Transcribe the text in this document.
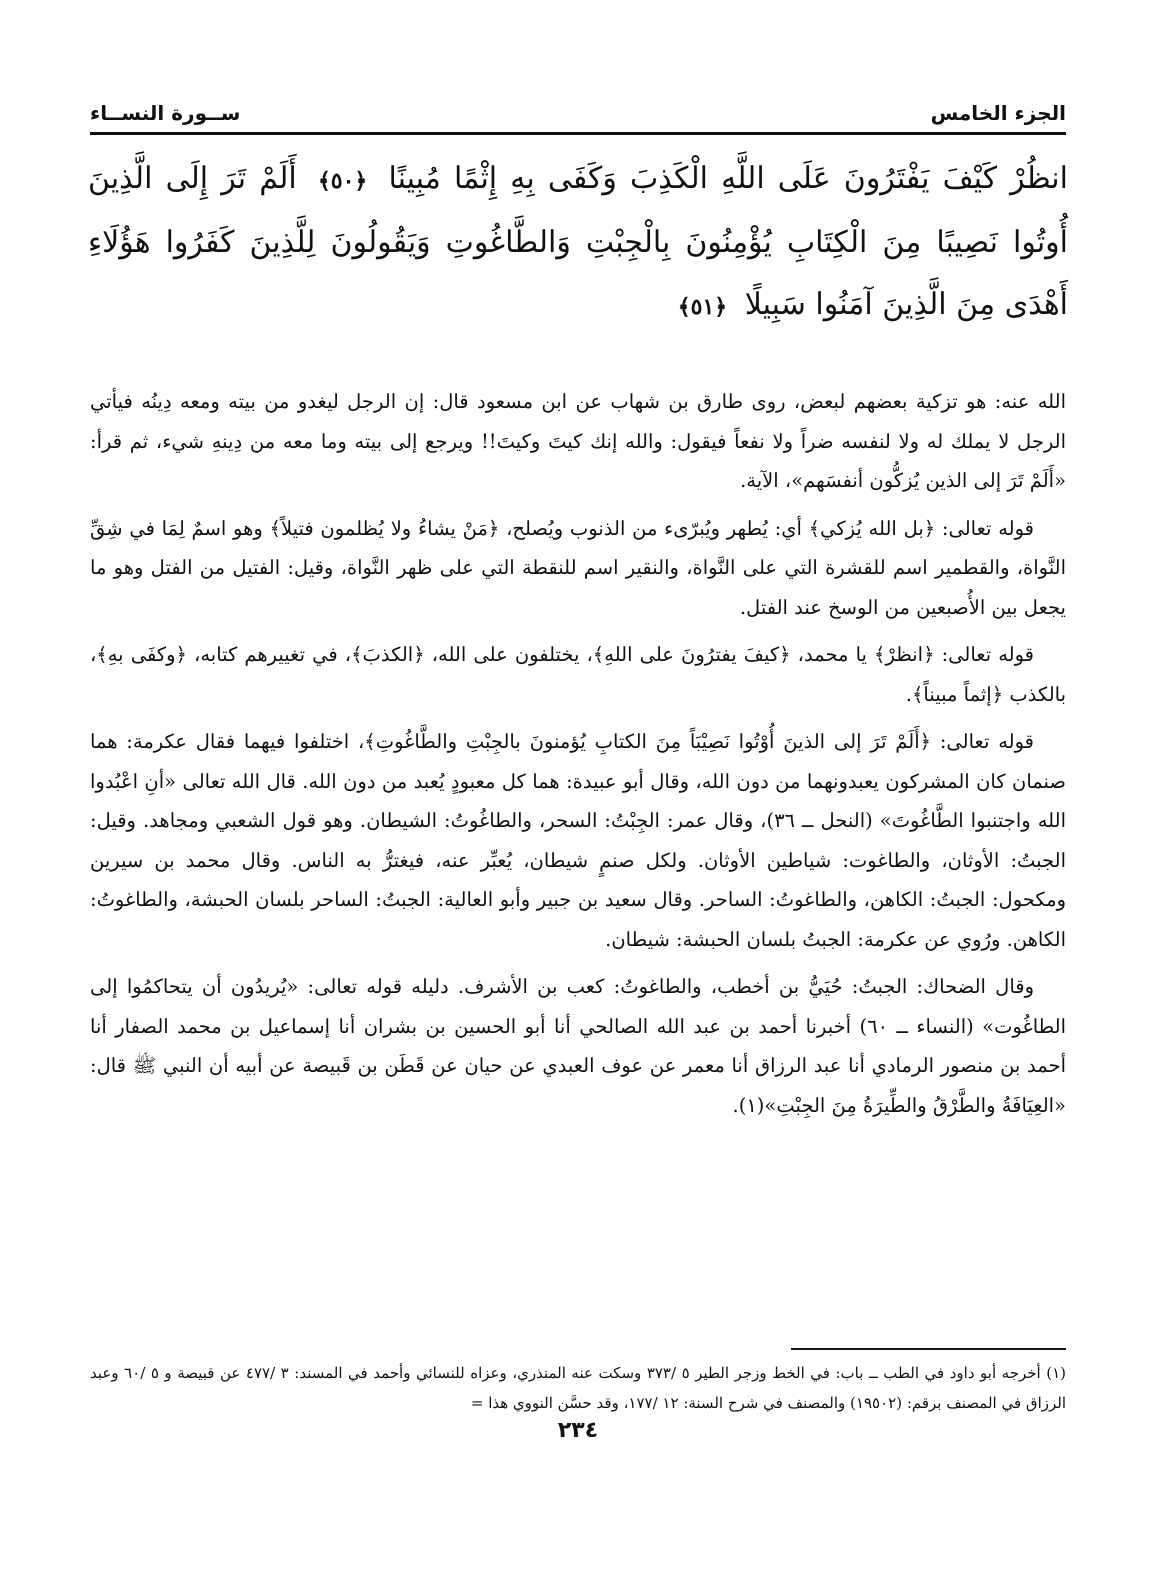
الجزء الخامس
ســورة النســاء
انظُرْ كَيْفَ يَفْتَرُونَ عَلَى اللَّهِ الْكَذِبَ وَكَفَى بِهِ إِثْمًا مُبِينًا ﴿٥٠﴾ أَلَمْ تَرَ إِلَى الَّذِينَ أُوتُوا نَصِيبًا مِنَ الْكِتَابِ يُؤْمِنُونَ بِالْجِبْتِ وَالطَّاغُوتِ وَيَقُولُونَ لِلَّذِينَ كَفَرُوا هَؤُلَاءِ أَهْدَى مِنَ الَّذِينَ آمَنُوا سَبِيلًا ﴿٥١﴾

الله عنه: هو تزكية بعضهم لبعض، روى طارق بن شهاب عن ابن مسعود قال: إن الرجل ليغدو من بيته ومعه دِينُه فيأتي الرجل لا يملك له ولا لنفسه ضراً ولا نفعاً فيقول: والله إنك كيتَ وكيتَ!! ويرجع إلى بيته وما معه من دِينهِ شيء، ثم قرأ: «أَلَمْ تَرَ إلى الذين يُزكُّون أنفسَهم»، الآية.

قوله تعالى: ﴿بل الله يُزكي﴾ أي: يُطهر ويُبرّىء من الذنوب ويُصلح، ﴿مَنْ يشاءُ ولا يُظلمون فتيلاً﴾ وهو اسمٌ لِمَا في شِقِّ النَّواة، والقطمير اسم للقشرة التي على النَّواة، والنقير اسم للنقطة التي على ظهر النَّواة، وقيل: الفتيل من الفتل وهو ما يجعل بين الأُصبعين من الوسخ عند الفتل.

قوله تعالى: ﴿انظرْ﴾ يا محمد، ﴿كيفَ يفترُونَ على اللهِ﴾، يختلفون على الله، ﴿الكذبَ﴾، في تغييرهم كتابه، ﴿وكفَى بهِ﴾، بالكذب ﴿إثماً مبيناً﴾.

قوله تعالى: ﴿أَلَمْ تَرَ إلى الذينَ أُوْتُوا نَصِيْبَاً مِنَ الكتابِ يُؤمنونَ بالجِبْتِ والطَّاغُوتِ﴾، اختلفوا فيهما فقال عكرمة: هما صنمان كان المشركون يعبدونهما من دون الله، وقال أبو عبيدة: هما كل معبودٍ يُعبد من دون الله. قال الله تعالى «أنِ اعْبُدوا الله واجتنبوا الطَّاغُوتَ» (النحل ــ ٣٦)، وقال عمر: الجِبْتُ: السحر، والطاغُوتُ: الشيطان. وهو قول الشعبي ومجاهد. وقيل: الجبتُ: الأوثان، والطاغوت: شياطين الأوثان. ولكل صنمٍ شيطان، يُعبِّر عنه، فيغترُّ به الناس. وقال محمد بن سيرين ومكحول: الجبتُ: الكاهن، والطاغوتُ: الساحر. وقال سعيد بن جبير وأبو العالية: الجبتُ: الساحر بلسان الحبشة، والطاغوتُ: الكاهن. ورُوي عن عكرمة: الجبتُ بلسان الحبشة: شيطان.

وقال الضحاك: الجبتُ: حُيَيُّ بن أخطب، والطاغوتُ: كعب بن الأشرف. دليله قوله تعالى: «يُريدُون أن يتحاكمُوا إلى الطاغُوت» (النساء ــ ٦٠) أخبرنا أحمد بن عبد الله الصالحي أنا أبو الحسين بن بشران أنا إسماعيل بن محمد الصفار أنا أحمد بن منصور الرمادي أنا عبد الرزاق أنا معمر عن عوف العبدي عن حيان عن قَطَن بن قَبيصة عن أبيه أن النبي ﷺ قال: «العِيَافَةُ والطَّرْقُ والطِّيرَةُ مِنَ الجِبْتِ»(١).

(١) أخرجه أبو داود في الطب ــ باب: في الخط وزجر الطير ٥ /٣٧٣ وسكت عنه المنذري، وعزاه للنسائي وأحمد في المسند: ٣ /٤٧٧ عن قبيصة و ٥ /٦٠ وعبد الرزاق في المصنف برقم: (١٩٥٠٢) والمصنف في شرح السنة: ١٢ /١٧٧، وقد حسَّن النووي هذا =
٢٣٤
